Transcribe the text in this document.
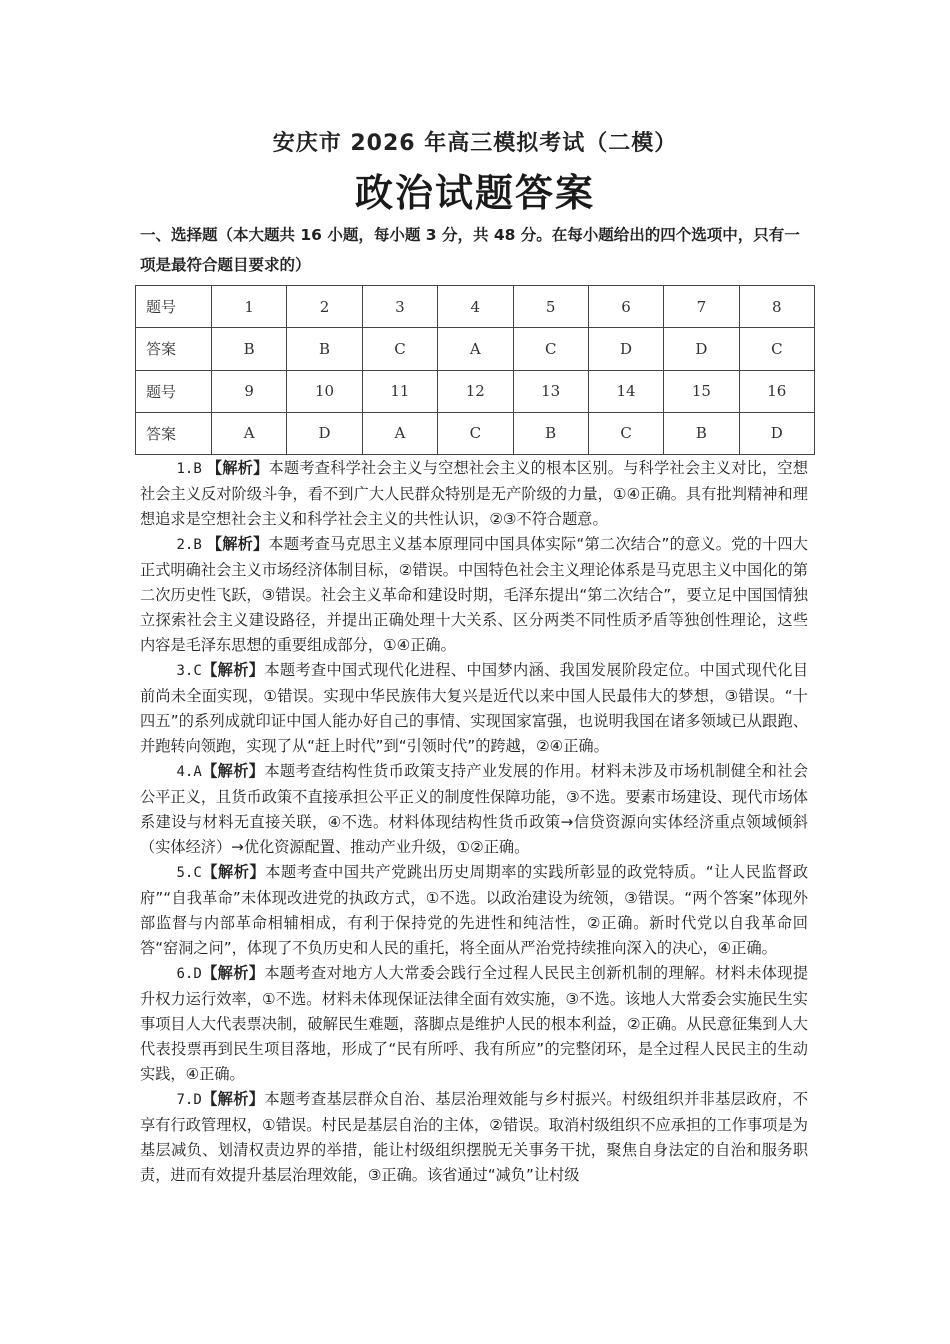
安庆市 2026 年高三模拟考试（二模）
政治试题答案
一、选择题（本大题共 16 小题，每小题 3 分，共 48 分。在每小题给出的四个选项中，只有一项是最符合题目要求的）
题号	1	2	3	4	5	6	7	8
答案	B	B	C	A	C	D	D	C
题号	9	10	11	12	13	14	15	16
答案	A	D	A	C	B	C	B	D

1.B 【解析】本题考查科学社会主义与空想社会主义的根本区别。与科学社会主义对比，空想社会主义反对阶级斗争，看不到广大人民群众特别是无产阶级的力量，①④正确。具有批判精神和理想追求是空想社会主义和科学社会主义的共性认识，②③不符合题意。

2.B 【解析】本题考查马克思主义基本原理同中国具体实际“第二次结合”的意义。党的十四大正式明确社会主义市场经济体制目标，②错误。中国特色社会主义理论体系是马克思主义中国化的第二次历史性飞跃，③错误。社会主义革命和建设时期，毛泽东提出“第二次结合”，要立足中国国情独立探索社会主义建设路径，并提出正确处理十大关系、区分两类不同性质矛盾等独创性理论，这些内容是毛泽东思想的重要组成部分，①④正确。

3.C【解析】本题考查中国式现代化进程、中国梦内涵、我国发展阶段定位。中国式现代化目前尚未全面实现，①错误。实现中华民族伟大复兴是近代以来中国人民最伟大的梦想，③错误。“十四五”的系列成就印证中国人能办好自己的事情、实现国家富强，也说明我国在诸多领域已从跟跑、并跑转向领跑，实现了从“赶上时代”到“引领时代”的跨越，②④正确。

4.A【解析】本题考查结构性货币政策支持产业发展的作用。材料未涉及市场机制健全和社会公平正义，且货币政策不直接承担公平正义的制度性保障功能，③不选。要素市场建设、现代市场体系建设与材料无直接关联，④不选。材料体现结构性货币政策→信贷资源向实体经济重点领域倾斜（实体经济）→优化资源配置、推动产业升级，①②正确。

5.C【解析】本题考查中国共产党跳出历史周期率的实践所彰显的政党特质。“让人民监督政府”“自我革命”未体现改进党的执政方式，①不选。以政治建设为统领，③错误。“两个答案”体现外部监督与内部革命相辅相成，有利于保持党的先进性和纯洁性，②正确。新时代党以自我革命回答“窑洞之问”，体现了不负历史和人民的重托，将全面从严治党持续推向深入的决心，④正确。

6.D【解析】本题考查对地方人大常委会践行全过程人民民主创新机制的理解。材料未体现提升权力运行效率，①不选。材料未体现保证法律全面有效实施，③不选。该地人大常委会实施民生实事项目人大代表票决制，破解民生难题，落脚点是维护人民的根本利益，②正确。从民意征集到人大代表投票再到民生项目落地，形成了“民有所呼、我有所应”的完整闭环，是全过程人民民主的生动实践，④正确。

7.D【解析】本题考查基层群众自治、基层治理效能与乡村振兴。村级组织并非基层政府，不享有行政管理权，①错误。村民是基层自治的主体，②错误。取消村级组织不应承担的工作事项是为基层减负、划清权责边界的举措，能让村级组织摆脱无关事务干扰，聚焦自身法定的自治和服务职责，进而有效提升基层治理效能，③正确。该省通过“减负”让村级
